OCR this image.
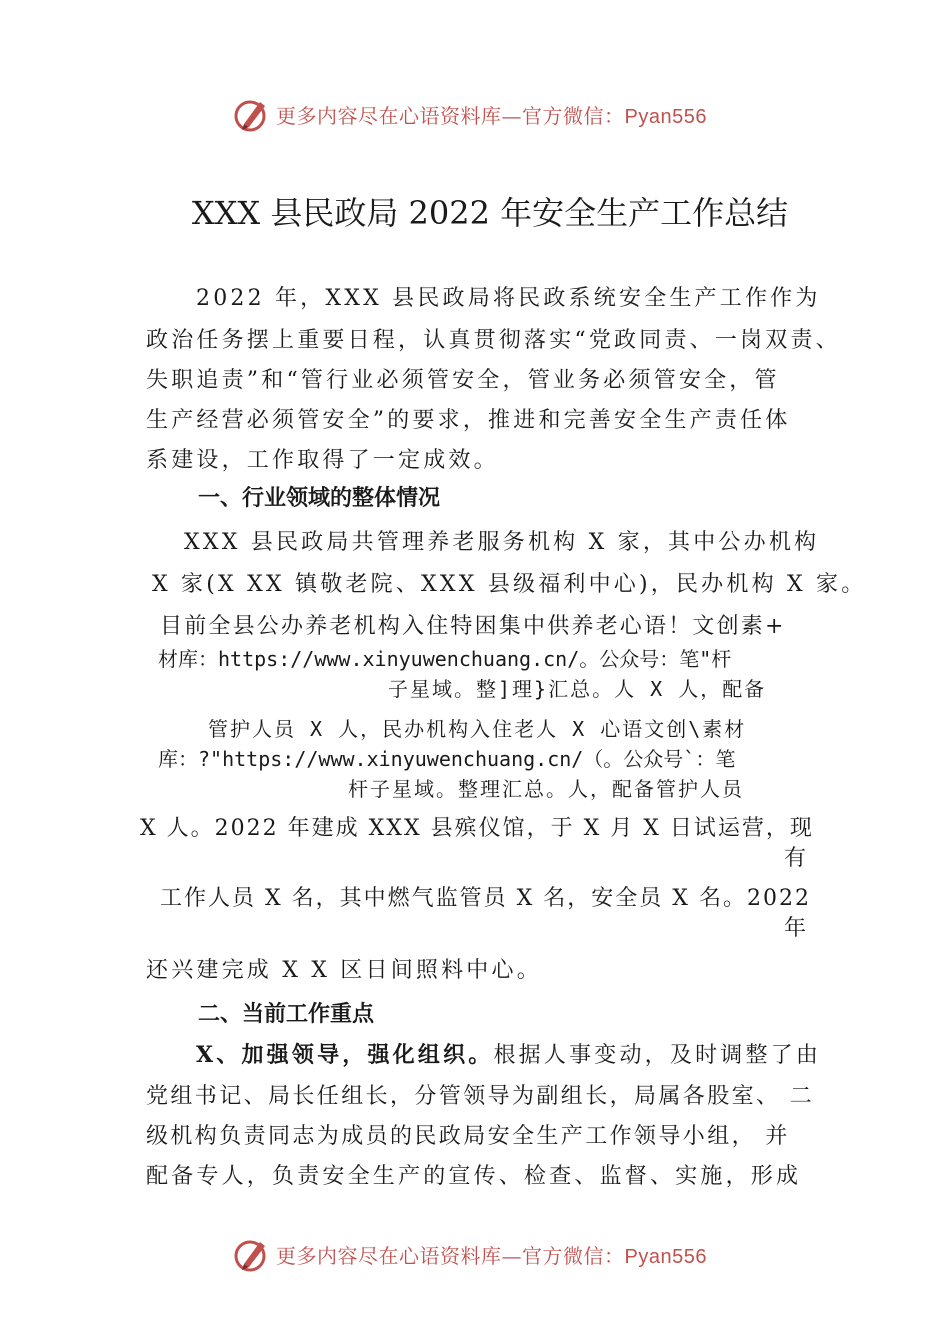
更多内容尽在心语资料库—官方微信：Pyan556
XXX 县民政局 2022 年安全生产工作总结
2022 年，XXX 县民政局将民政系统安全生产工作作为
政治任务摆上重要日程，认真贯彻落实“党政同责、一岗双责、
失职追责”和“管行业必须管安全，管业务必须管安全，管
生产经营必须管安全”的要求，推进和完善安全生产责任体
系建设，工作取得了一定成效。
一、行业领域的整体情况
XXX 县民政局共管理养老服务机构 X 家，其中公办机构
X 家(X XX 镇敬老院、XXX 县级福利中心)，民办机构 X 家。
目前全县公办养老机构入住特困集中供养老心语！文创素+
材库：https://www.xinyuwenchuang.cn/。公众号：笔"杆
子星域。整]理}汇总。人 X 人，配备
管护人员 X 人，民办机构入住老人 X 心语文创\素材
库：?"https://www.xinyuwenchuang.cn/（。公众号`：笔
杆子星域。整理汇总。人，配备管护人员
X 人。2022 年建成 XXX 县殡仪馆，于 X 月 X 日试运营，现
有
工作人员 X 名，其中燃气监管员 X 名，安全员 X 名。2022
年
还兴建完成 X X 区日间照料中心。
二、当前工作重点
X、加强领导，强化组织。根据人事变动，及时调整了由
党组书记、局长任组长，分管领导为副组长，局属各股室、 二
级机构负责同志为成员的民政局安全生产工作领导小组， 并
配备专人，负责安全生产的宣传、检查、监督、实施，形成
更多内容尽在心语资料库—官方微信：Pyan556
